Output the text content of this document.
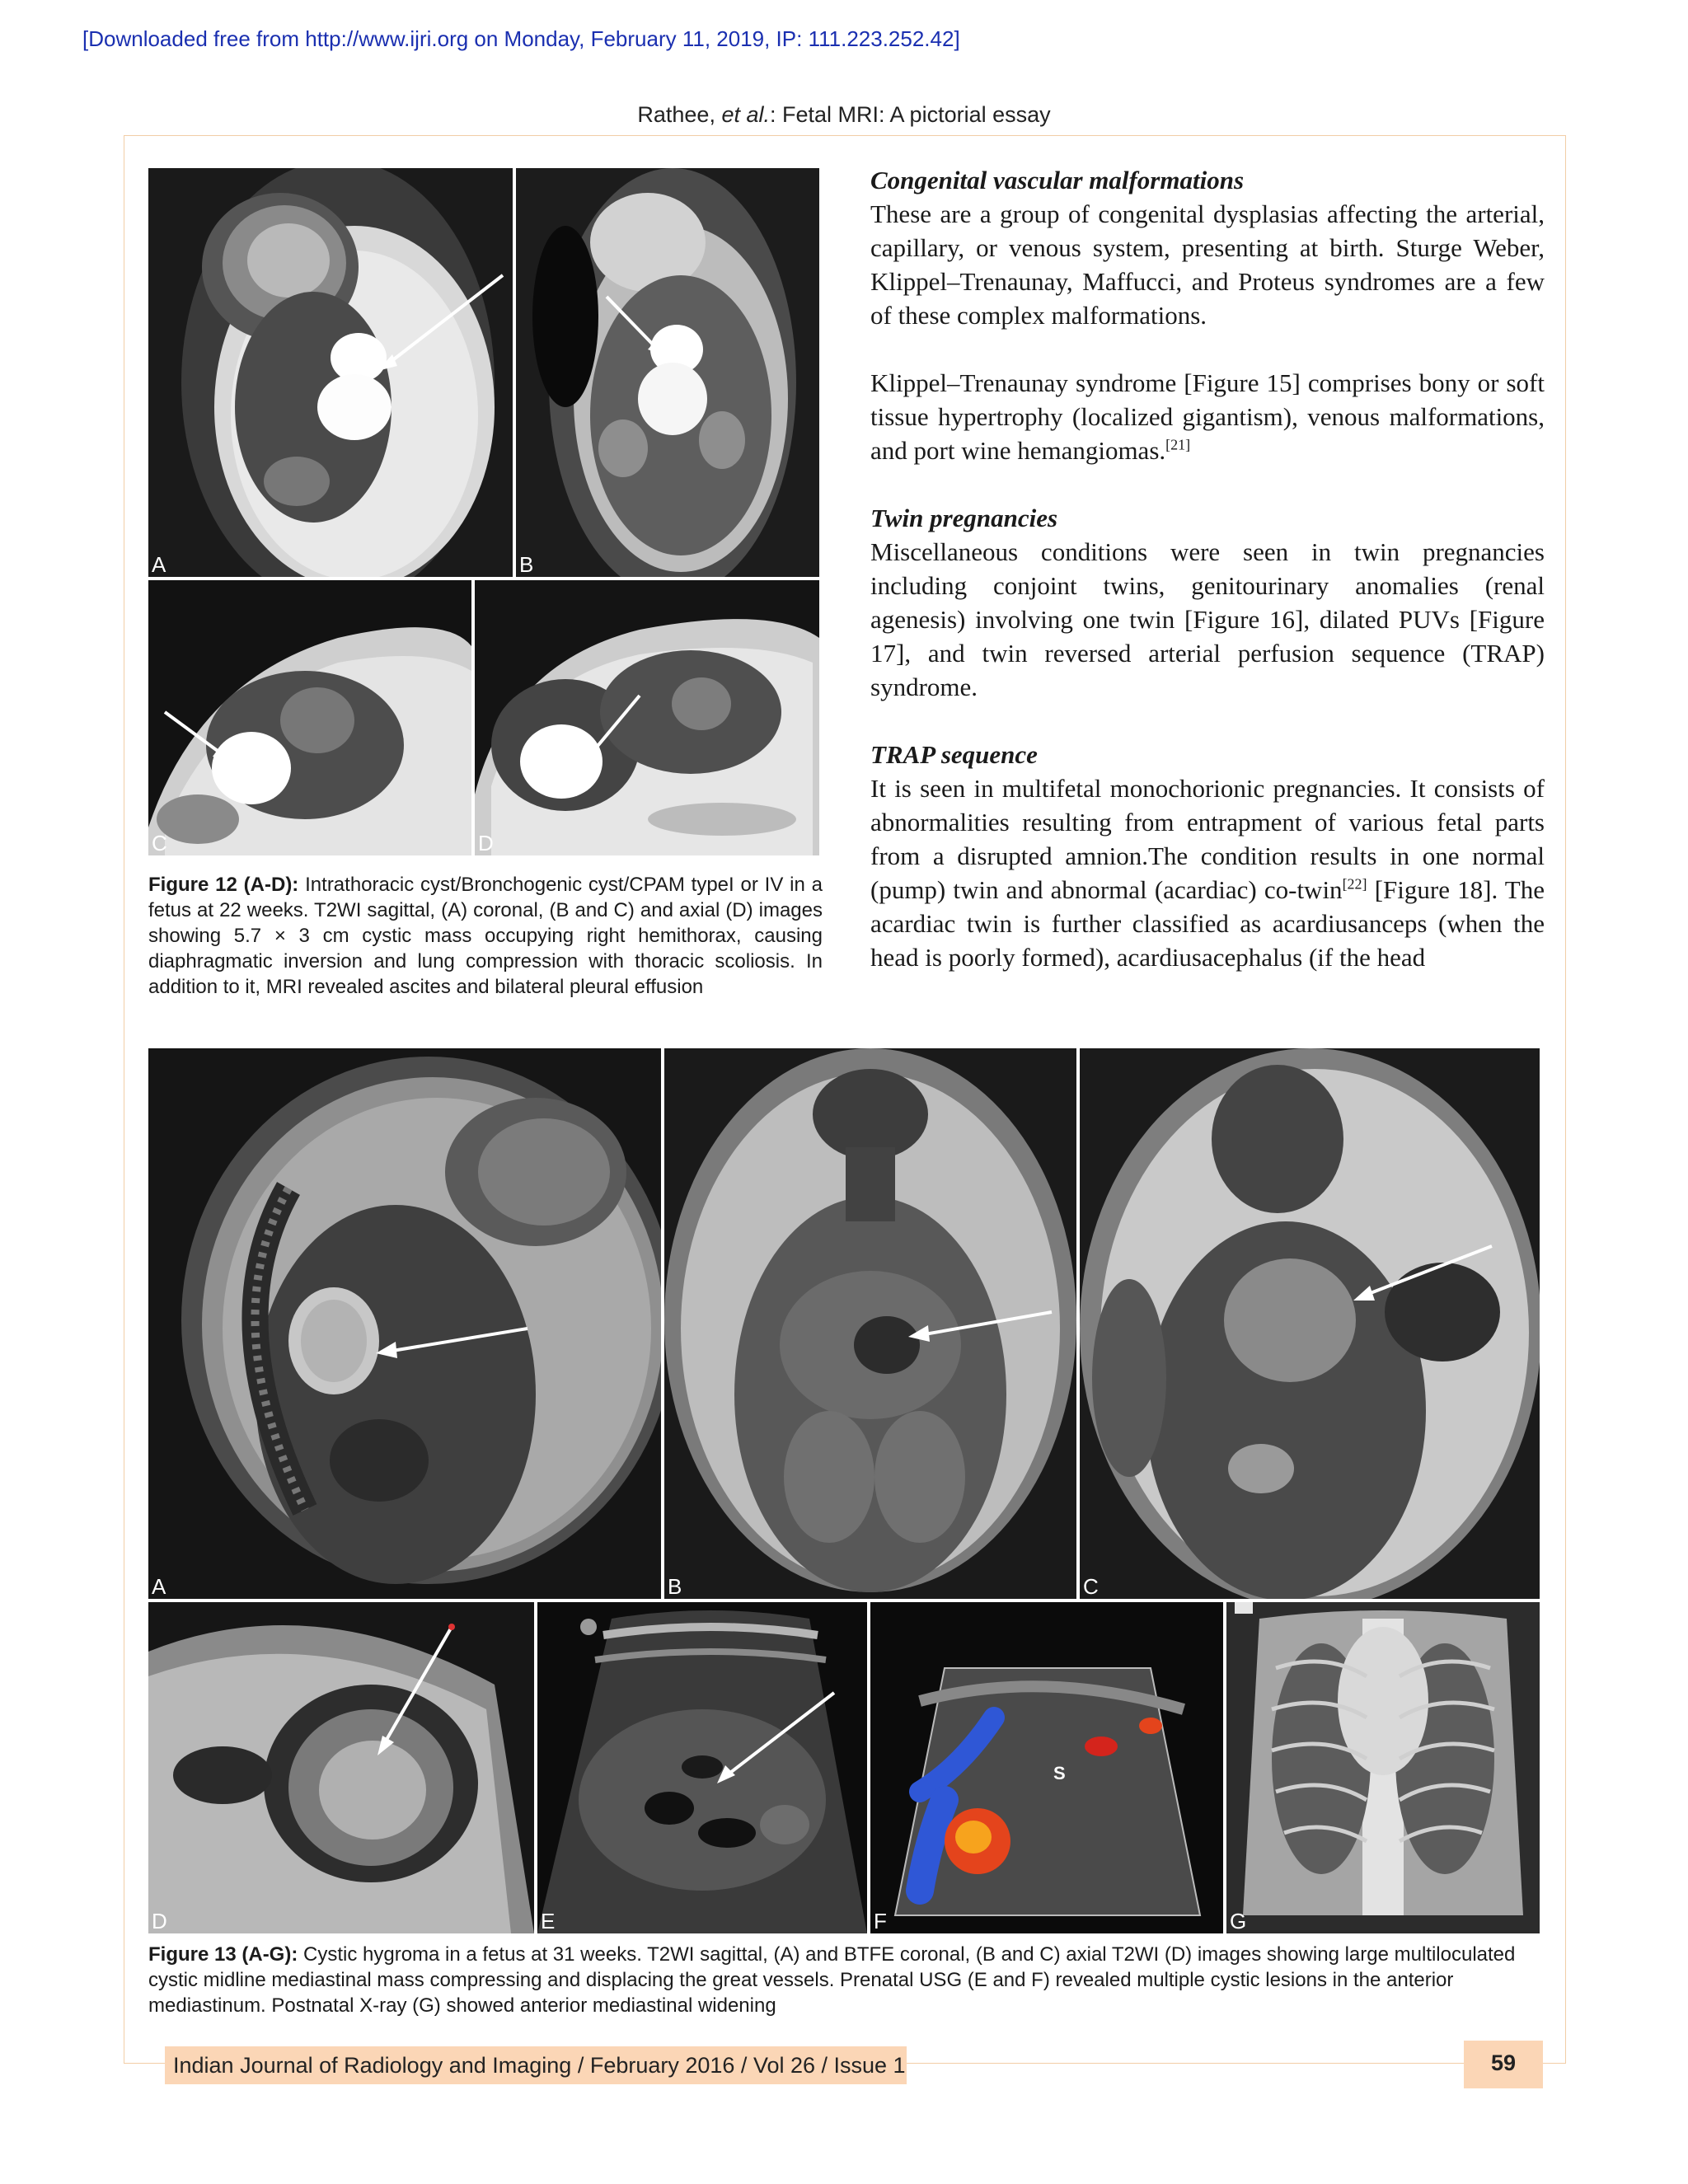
[Downloaded free from http://www.ijri.org on Monday, February 11, 2019, IP: 111.223.252.42]
Rathee, et al.: Fetal MRI: A pictorial essay
A	B
C	D
Figure 12 (A-D): Intrathoracic cyst/Bronchogenic cyst/CPAM typeI or IV in a fetus at 22 weeks. T2WI sagittal, (A) coronal, (B and C) and axial (D) images showing 5.7 × 3 cm cystic mass occupying right hemithorax, causing diaphragmatic inversion and lung compression with thoracic scoliosis. In addition to it, MRI revealed ascites and bilateral pleural effusion
Congenital vascular malformations

These are a group of congenital dysplasias affecting the arterial, capillary, or venous system, presenting at birth. Sturge Weber, Klippel–Trenaunay, Maffucci, and Proteus syndromes are a few of these complex malformations.

Klippel–Trenaunay syndrome [Figure 15] comprises bony or soft tissue hypertrophy (localized gigantism), venous malformations, and port wine hemangiomas.[21]

Twin pregnancies

Miscellaneous conditions were seen in twin pregnancies including conjoint twins, genitourinary anomalies (renal agenesis) involving one twin [Figure 16], dilated PUVs [Figure 17], and twin reversed arterial perfusion sequence (TRAP) syndrome.

TRAP sequence

It is seen in multifetal monochorionic pregnancies. It consists of abnormalities resulting from entrapment of various fetal parts from a disrupted amnion.The condition results in one normal (pump) twin and abnormal (acardiac) co-twin[22] [Figure 18]. The acardiac twin is further classified as acardiusanceps (when the head is poorly formed), acardiusacephalus (if the head

A	B	C
D	E
S
F	G
Figure 13 (A-G): Cystic hygroma in a fetus at 31 weeks. T2WI sagittal, (A) and BTFE coronal, (B and C) axial T2WI (D) images showing large multiloculated cystic midline mediastinal mass compressing and displacing the great vessels. Prenatal USG (E and F) revealed multiple cystic lesions in the anterior mediastinum. Postnatal X-ray (G) showed anterior mediastinal widening
Indian Journal of Radiology and Imaging / February 2016 / Vol 26 / Issue 1	59
